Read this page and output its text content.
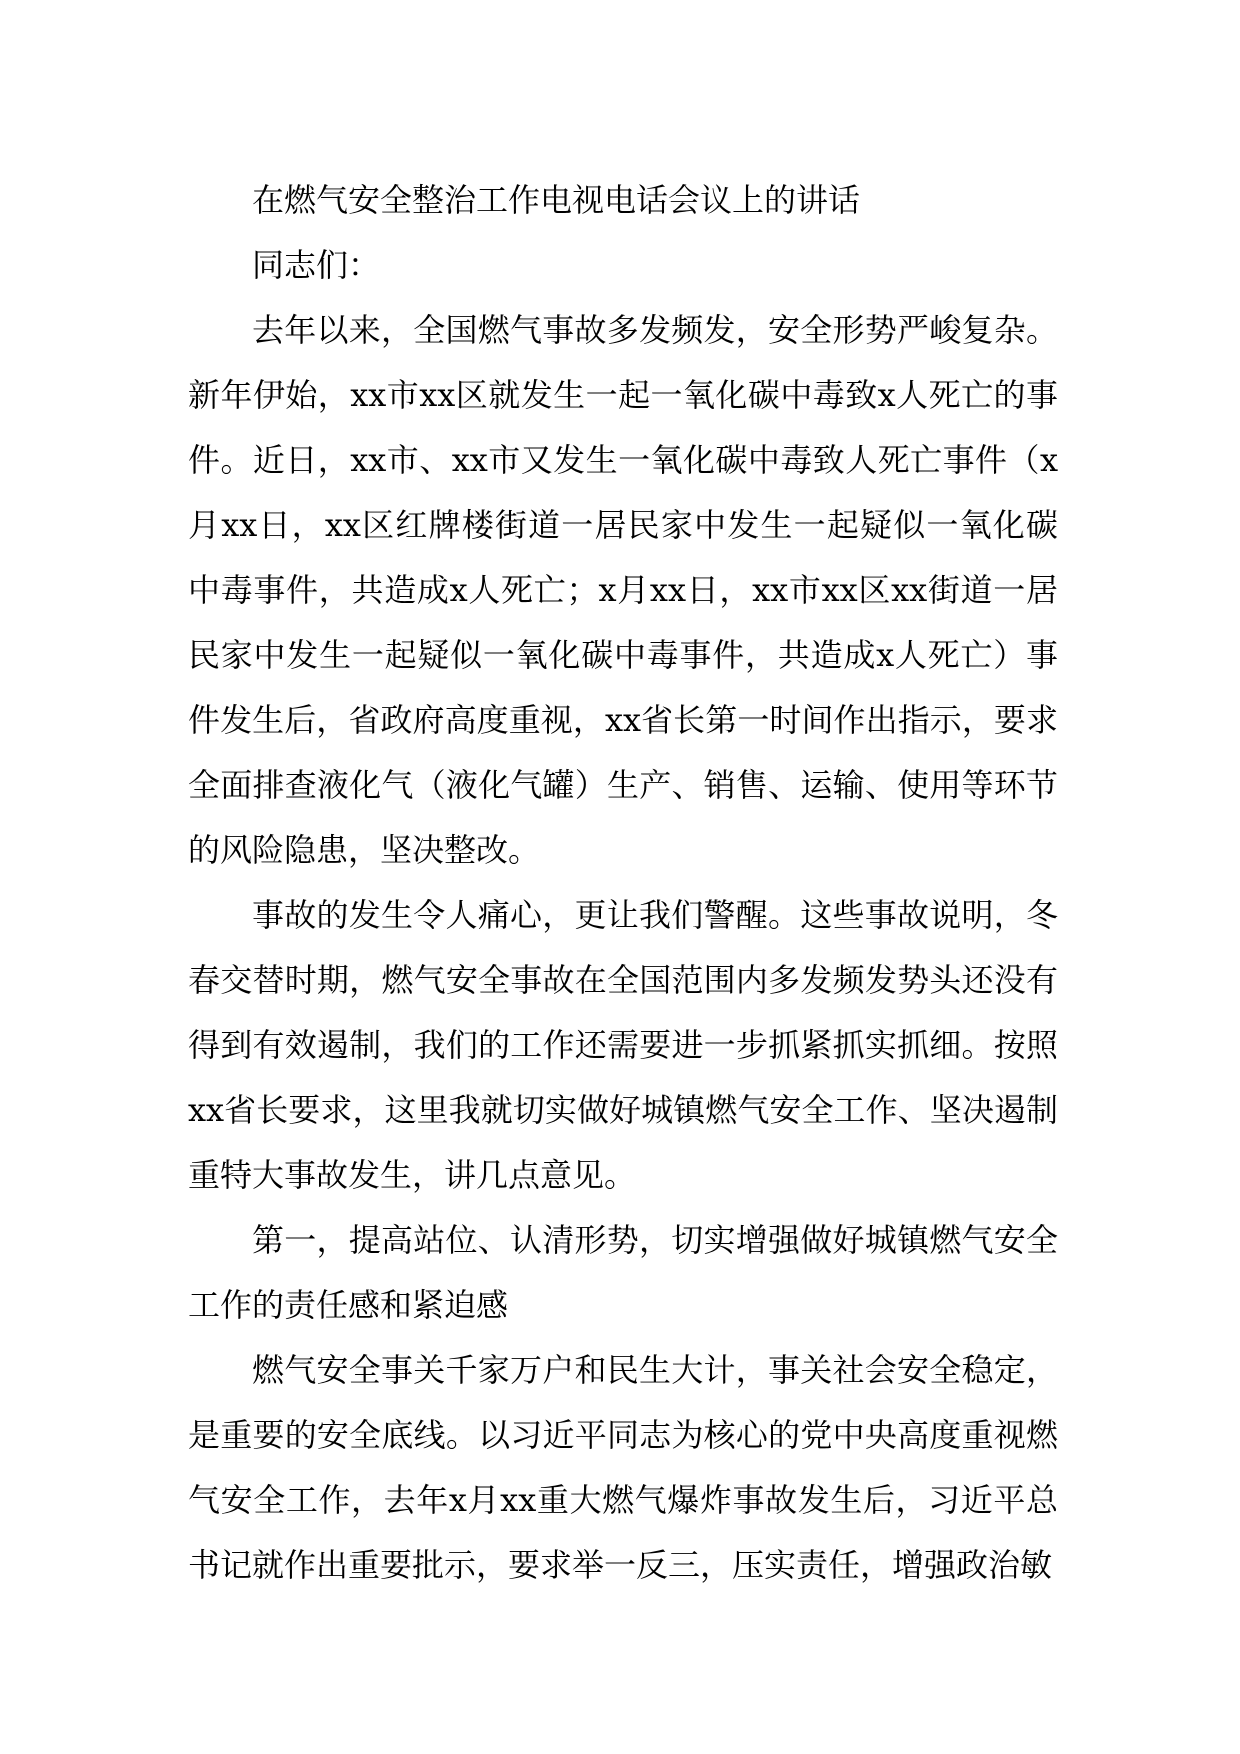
在燃气安全整治工作电视电话会议上的讲话

同志们：

去年以来，全国燃气事故多发频发，安全形势严峻复杂。新年伊始，xx市xx区就发生一起一氧化碳中毒致x人死亡的事件。近日，xx市、xx市又发生一氧化碳中毒致人死亡事件（x月xx日，xx区红牌楼街道一居民家中发生一起疑似一氧化碳中毒事件，共造成x人死亡；x月xx日，xx市xx区xx街道一居民家中发生一起疑似一氧化碳中毒事件，共造成x人死亡）事件发生后，省政府高度重视，xx省长第一时间作出指示，要求全面排查液化气（液化气罐）生产、销售、运输、使用等环节的风险隐患，坚决整改。

事故的发生令人痛心，更让我们警醒。这些事故说明，冬春交替时期，燃气安全事故在全国范围内多发频发势头还没有得到有效遏制，我们的工作还需要进一步抓紧抓实抓细。按照xx省长要求，这里我就切实做好城镇燃气安全工作、坚决遏制重特大事故发生，讲几点意见。

第一，提高站位、认清形势，切实增强做好城镇燃气安全工作的责任感和紧迫感

燃气安全事关千家万户和民生大计，事关社会安全稳定，是重要的安全底线。以习近平同志为核心的党中央高度重视燃气安全工作，去年x月xx重大燃气爆炸事故发生后，习近平总书记就作出重要批示，要求举一反三，压实责任，增强政治敏
